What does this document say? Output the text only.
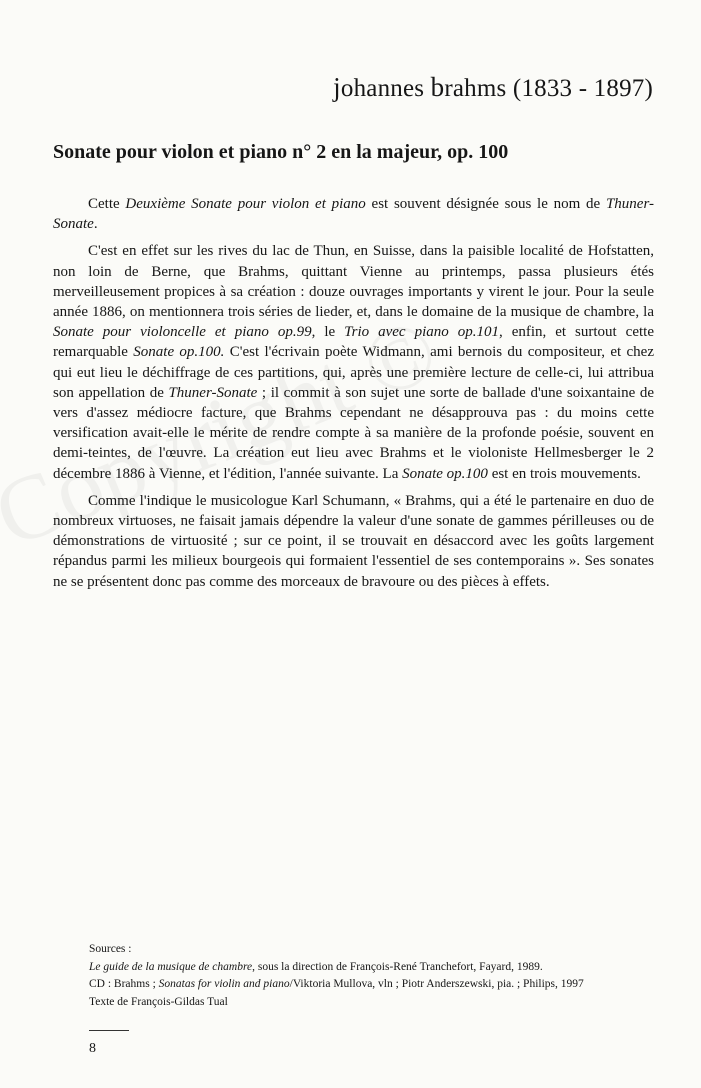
johannes brahms (1833 - 1897)
Sonate pour violon et piano n° 2 en la majeur, op. 100

Cette Deuxième Sonate pour violon et piano est souvent désignée sous le nom de Thuner-Sonate.

C'est en effet sur les rives du lac de Thun, en Suisse, dans la paisible localité de Hofstatten, non loin de Berne, que Brahms, quittant Vienne au printemps, passa plusieurs étés merveilleusement propices à sa création : douze ouvrages importants y virent le jour. Pour la seule année 1886, on mentionnera trois séries de lieder, et, dans le domaine de la musique de chambre, la Sonate pour violoncelle et piano op.99, le Trio avec piano op.101, enfin, et surtout cette remarquable Sonate op.100. C'est l'écrivain poète Widmann, ami bernois du compositeur, et chez qui eut lieu le déchiffrage de ces partitions, qui, après une première lecture de celle-ci, lui attribua son appellation de Thuner-Sonate ; il commit à son sujet une sorte de ballade d'une soixantaine de vers d'assez médiocre facture, que Brahms cependant ne désapprouva pas : du moins cette versification avait-elle le mérite de rendre compte à sa manière de la profonde poésie, souvent en demi-teintes, de l'œuvre. La création eut lieu avec Brahms et le violoniste Hellmesberger le 2 décembre 1886 à Vienne, et l'édition, l'année suivante. La Sonate op.100 est en trois mouvements.

Comme l'indique le musicologue Karl Schumann, « Brahms, qui a été le partenaire en duo de nombreux virtuoses, ne faisait jamais dépendre la valeur d'une sonate de gammes périlleuses ou de démonstrations de virtuosité ; sur ce point, il se trouvait en désaccord avec les goûts largement répandus parmi les milieux bourgeois qui formaient l'essentiel de ses contemporains ». Ses sonates ne se présentent donc pas comme des morceaux de bravoure ou des pièces à effets.

Sources :
Le guide de la musique de chambre, sous la direction de François-René Tranchefort, Fayard, 1989.
CD : Brahms ; Sonatas for violin and piano/Viktoria Mullova, vln ; Piotr Anderszewski, pia. ; Philips, 1997
Texte de François-Gildas Tual
8
